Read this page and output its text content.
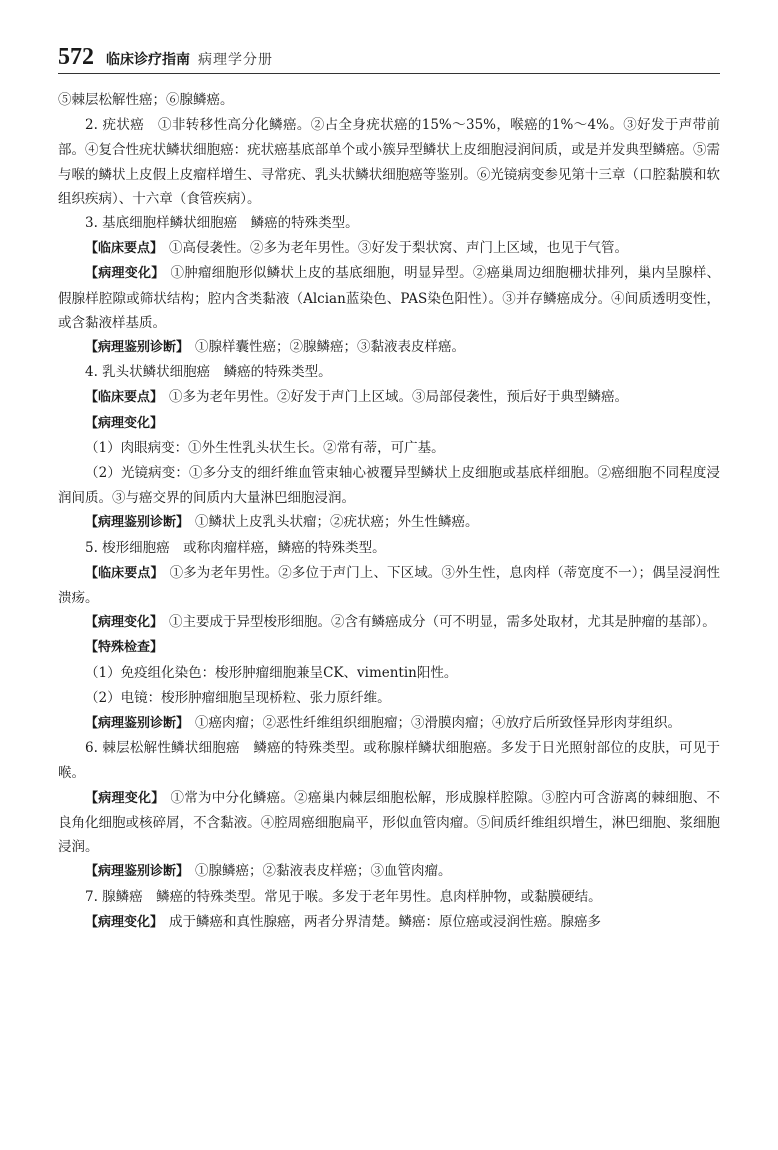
572 临床诊疗指南 病理学分册

⑤棘层松解性癌；⑥腺鳞癌。

2. 疣状癌　①非转移性高分化鳞癌。②占全身疣状癌的15%～35%，喉癌的1%～4%。③好发于声带前部。④复合性疣状鳞状细胞癌：疣状癌基底部单个或小簇异型鳞状上皮细胞浸润间质，或是并发典型鳞癌。⑤需与喉的鳞状上皮假上皮瘤样增生、寻常疣、乳头状鳞状细胞癌等鉴别。⑥光镜病变参见第十三章（口腔黏膜和软组织疾病）、十六章（食管疾病）。

3. 基底细胞样鳞状细胞癌　鳞癌的特殊类型。

【临床要点】 ①高侵袭性。②多为老年男性。③好发于梨状窝、声门上区域，也见于气管。

【病理变化】 ①肿瘤细胞形似鳞状上皮的基底细胞，明显异型。②癌巢周边细胞栅状排列，巢内呈腺样、假腺样腔隙或筛状结构；腔内含类黏液（Alcian蓝染色、PAS染色阳性）。③并存鳞癌成分。④间质透明变性，或含黏液样基质。

【病理鉴别诊断】 ①腺样囊性癌；②腺鳞癌；③黏液表皮样癌。

4. 乳头状鳞状细胞癌　鳞癌的特殊类型。

【临床要点】 ①多为老年男性。②好发于声门上区域。③局部侵袭性，预后好于典型鳞癌。

【病理变化】

（1）肉眼病变：①外生性乳头状生长。②常有蒂，可广基。

（2）光镜病变：①多分支的细纤维血管束轴心被覆异型鳞状上皮细胞或基底样细胞。②癌细胞不同程度浸润间质。③与癌交界的间质内大量淋巴细胞浸润。

【病理鉴别诊断】 ①鳞状上皮乳头状瘤；②疣状癌；外生性鳞癌。

5. 梭形细胞癌　或称肉瘤样癌，鳞癌的特殊类型。

【临床要点】 ①多为老年男性。②多位于声门上、下区域。③外生性，息肉样（蒂宽度不一）；偶呈浸润性溃疡。

【病理变化】 ①主要成于异型梭形细胞。②含有鳞癌成分（可不明显，需多处取材，尤其是肿瘤的基部）。

【特殊检查】

（1）免疫组化染色：梭形肿瘤细胞兼呈CK、vimentin阳性。

（2）电镜：梭形肿瘤细胞呈现桥粒、张力原纤维。

【病理鉴别诊断】 ①癌肉瘤；②恶性纤维组织细胞瘤；③滑膜肉瘤；④放疗后所致怪异形肉芽组织。

6. 棘层松解性鳞状细胞癌　鳞癌的特殊类型。或称腺样鳞状细胞癌。多发于日光照射部位的皮肤，可见于喉。

【病理变化】 ①常为中分化鳞癌。②癌巢内棘层细胞松解，形成腺样腔隙。③腔内可含游离的棘细胞、不良角化细胞或核碎屑，不含黏液。④腔周癌细胞扁平，形似血管肉瘤。⑤间质纤维组织增生，淋巴细胞、浆细胞浸润。

【病理鉴别诊断】 ①腺鳞癌；②黏液表皮样癌；③血管肉瘤。

7. 腺鳞癌　鳞癌的特殊类型。常见于喉。多发于老年男性。息肉样肿物，或黏膜硬结。

【病理变化】 成于鳞癌和真性腺癌，两者分界清楚。鳞癌：原位癌或浸润性癌。腺癌多
